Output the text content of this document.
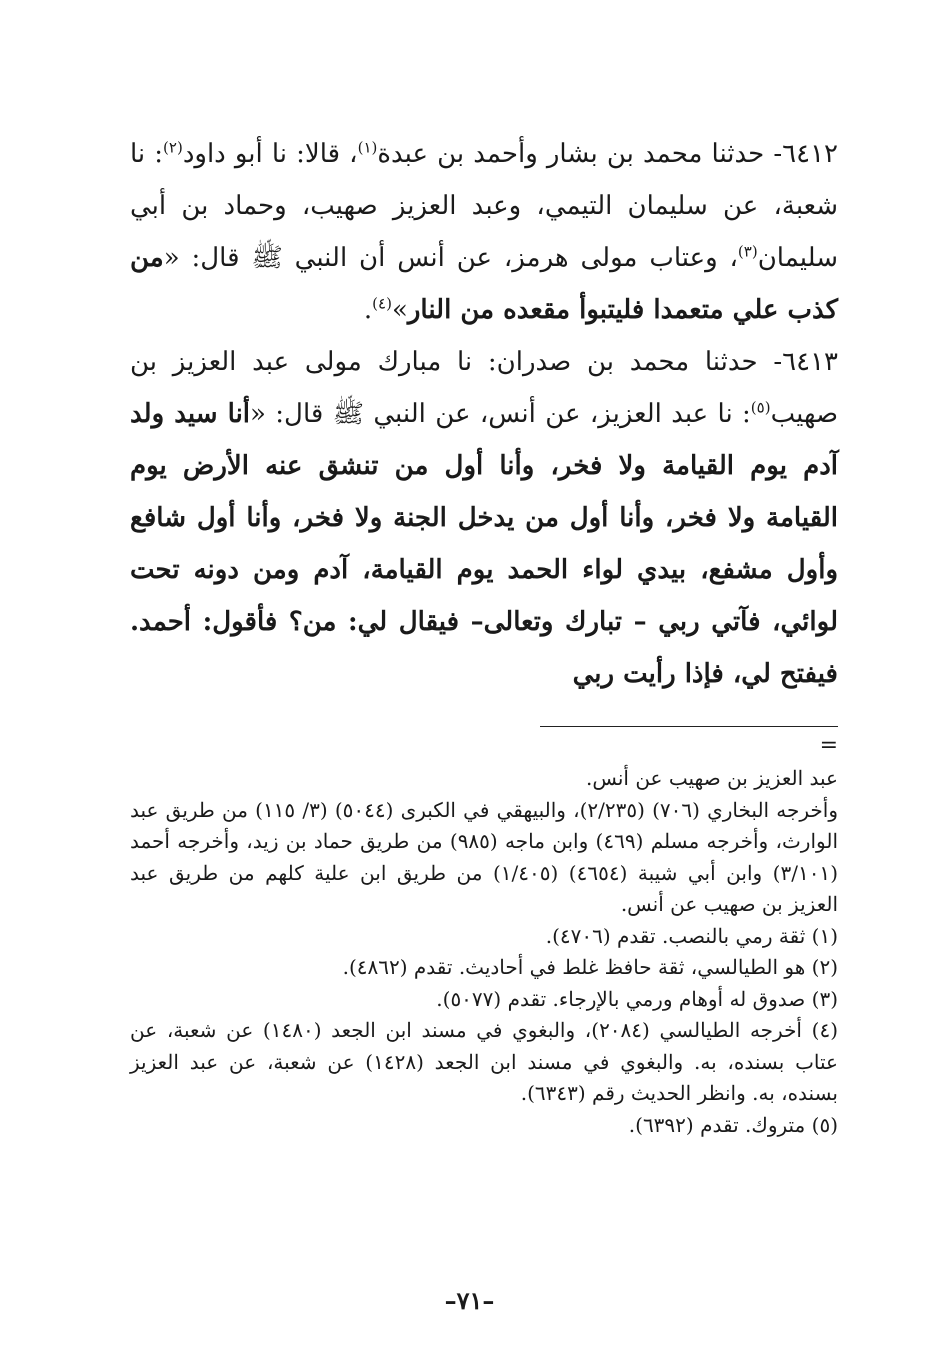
٦٤١٢- حدثنا محمد بن بشار وأحمد بن عبدة$^{(١)}$، قالا: نا أبو داود$^{(٢)}$: نا شعبة، عن سليمان التيمي، وعبد العزيز صهيب، وحماد بن أبي سليمان$^{(٣)}$، وعتاب مولى هرمز، عن أنس أن النبي ﷺ قال: «من كذب علي متعمدا فليتبوأ مقعده من النار»$^{(٤)}$.

٦٤١٣- حدثنا محمد بن صدران: نا مبارك مولى عبد العزيز بن صهيب$^{(٥)}$: نا عبد العزيز، عن أنس، عن النبي ﷺ قال: «أنا سيد ولد آدم يوم القيامة ولا فخر، وأنا أول من تنشق عنه الأرض يوم القيامة ولا فخر، وأنا أول من يدخل الجنة ولا فخر، وأنا أول شافع وأول مشفع، بيدي لواء الحمد يوم القيامة، آدم ومن دونه تحت لوائي، فآتي ربي – تبارك وتعالى– فيقال لي: من؟ فأقول: أحمد. فيفتح لي، فإذا رأيت ربي

=

عبد العزيز بن صهيب عن أنس.

وأخرجه البخاري (٧٠٦) (٢/٢٣٥)، والبيهقي في الكبرى (٥٠٤٤) (٣/ ١١٥) من طريق عبد الوارث، وأخرجه مسلم (٤٦٩) وابن ماجه (٩٨٥) من طريق حماد بن زيد، وأخرجه أحمد (٣/١٠١) وابن أبي شيبة (٤٦٥٤) (١/٤٠٥) من طريق ابن علية كلهم من طريق عبد العزيز بن صهيب عن أنس.

(١) ثقة رمي بالنصب. تقدم (٤٧٠٦).

(٢) هو الطيالسي، ثقة حافظ غلط في أحاديث. تقدم (٤٨٦٢).

(٣) صدوق له أوهام ورمي بالإرجاء. تقدم (٥٠٧٧).

(٤) أخرجه الطيالسي (٢٠٨٤)، والبغوي في مسند ابن الجعد (١٤٨٠) عن شعبة، عن عتاب بسنده، به. والبغوي في مسند ابن الجعد (١٤٢٨) عن شعبة، عن عبد العزيز بسنده، به. وانظر الحديث رقم (٦٣٤٣).

(٥) متروك. تقدم (٦٣٩٢).

–٧١–
